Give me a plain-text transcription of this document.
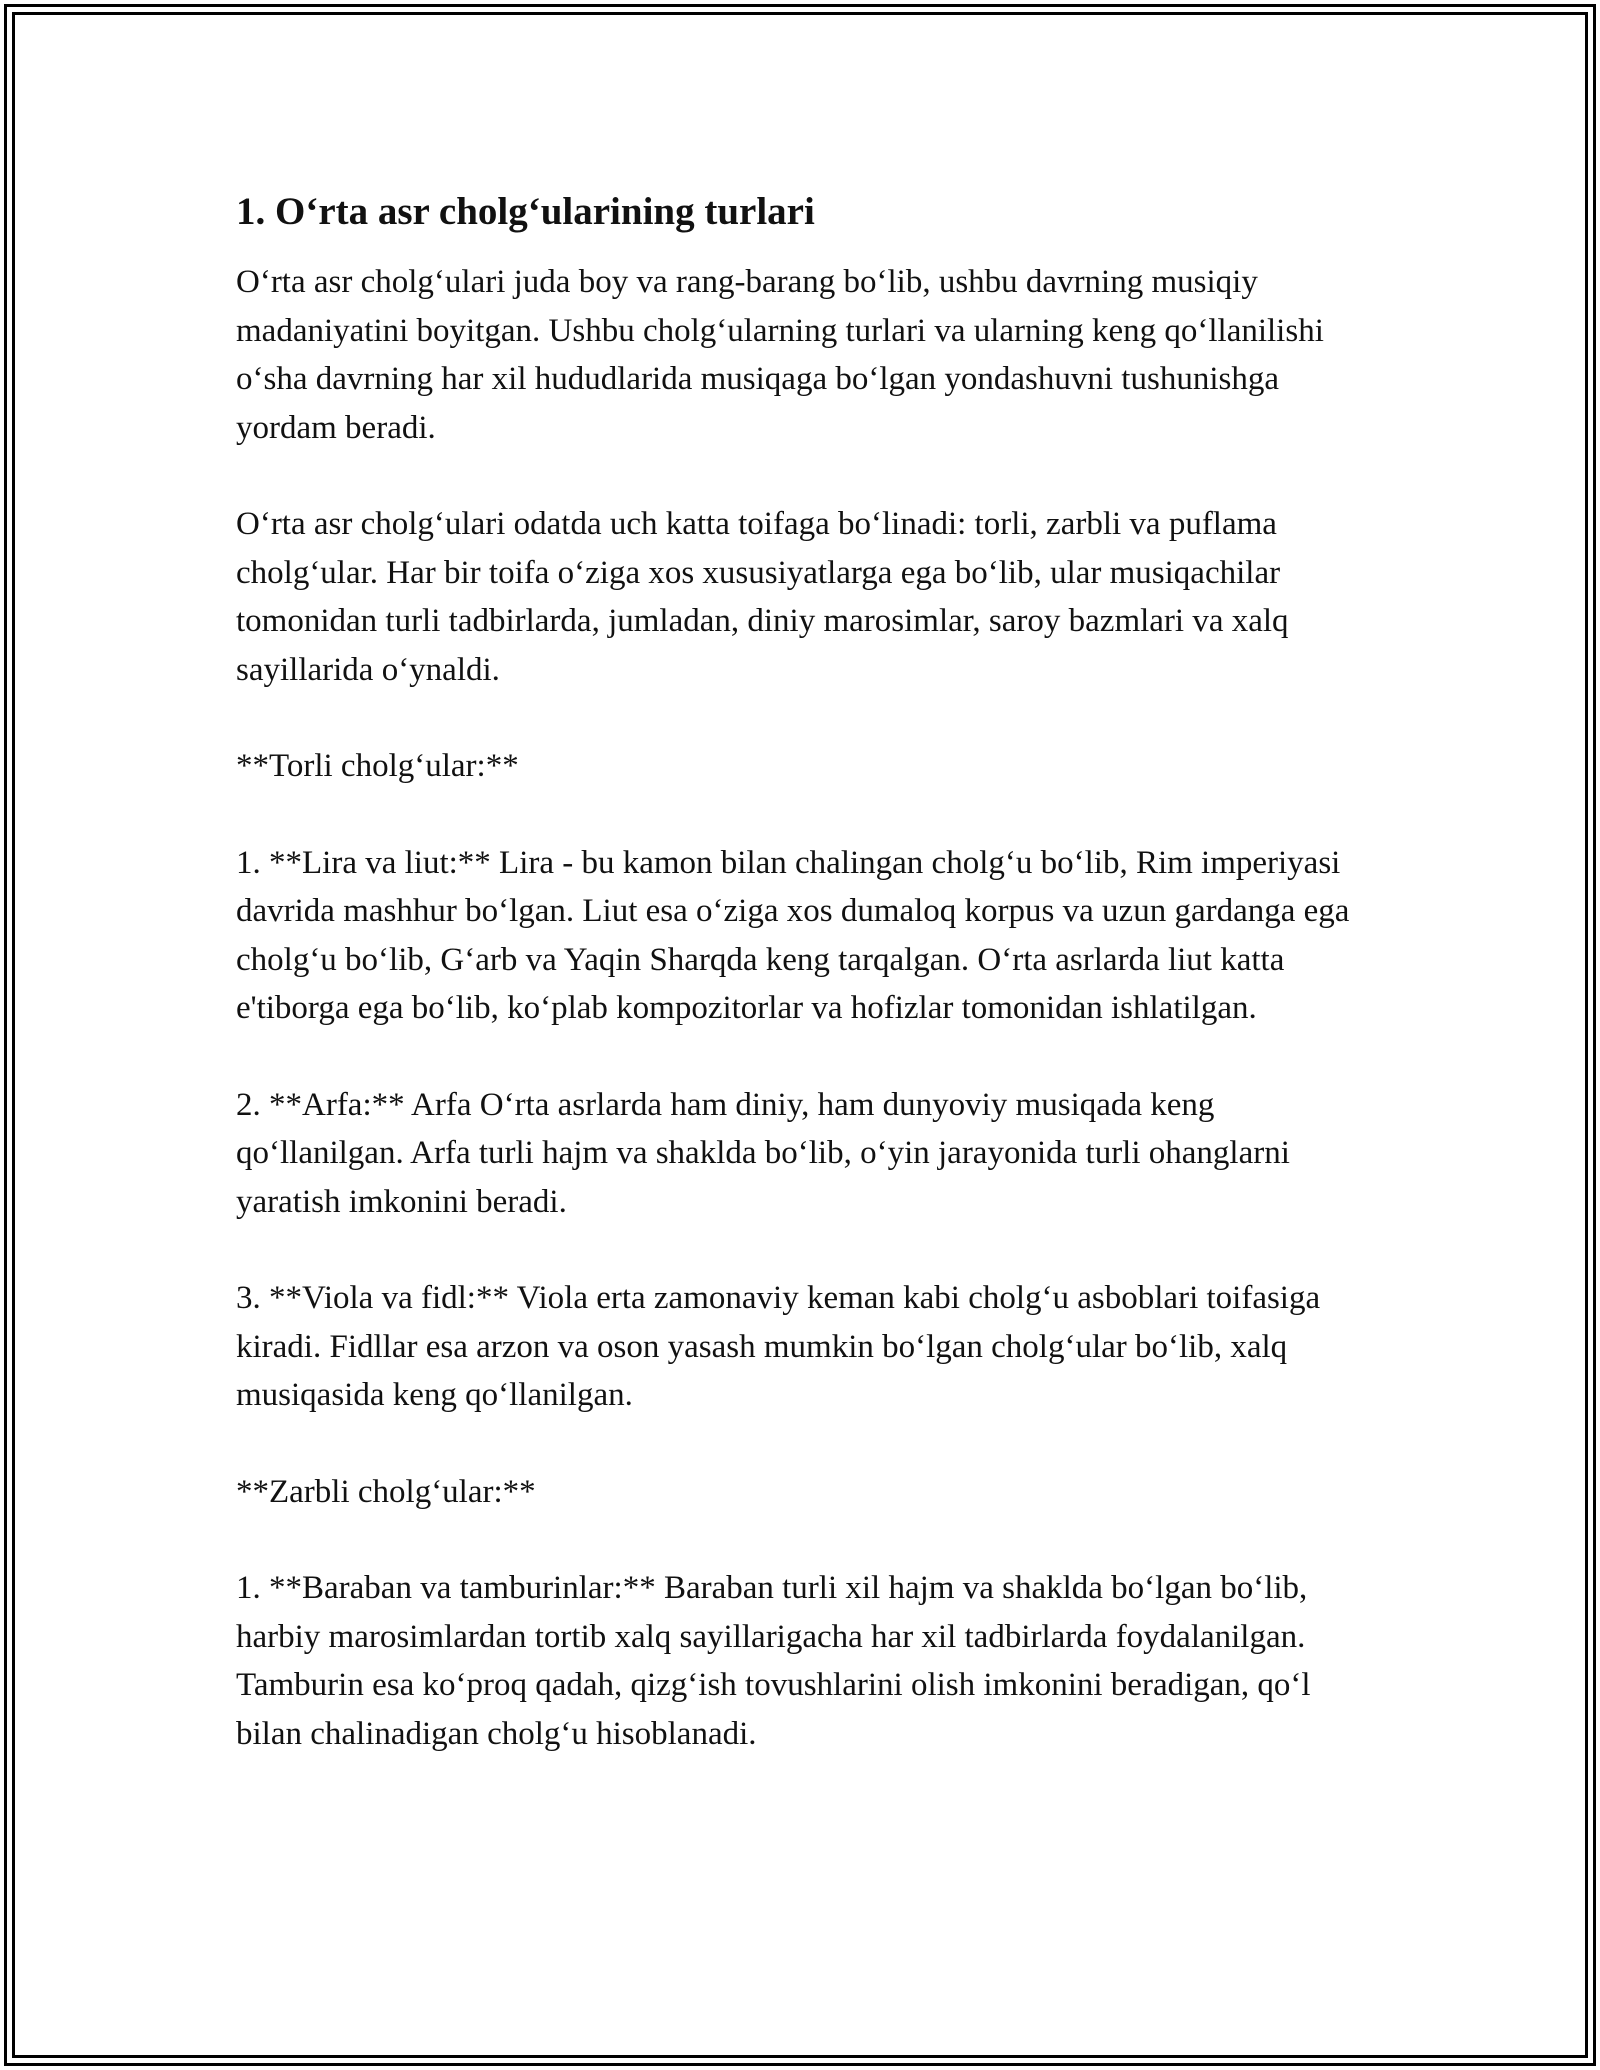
1. O‘rta asr cholg‘ularining turlari

O‘rta asr cholg‘ulari juda boy va rang-barang bo‘lib, ushbu davrning musiqiy madaniyatini boyitgan. Ushbu cholg‘ularning turlari va ularning keng qo‘llanilishi o‘sha davrning har xil hududlarida musiqaga bo‘lgan yondashuvni tushunishga yordam beradi.

O‘rta asr cholg‘ulari odatda uch katta toifaga bo‘linadi: torli, zarbli va puflama cholg‘ular. Har bir toifa o‘ziga xos xususiyatlarga ega bo‘lib, ular musiqachilar tomonidan turli tadbirlarda, jumladan, diniy marosimlar, saroy bazmlari va xalq sayillarida o‘ynaldi.

**Torli cholg‘ular:**

1. **Lira va liut:** Lira - bu kamon bilan chalingan cholg‘u bo‘lib, Rim imperiyasi davrida mashhur bo‘lgan. Liut esa o‘ziga xos dumaloq korpus va uzun gardanga ega cholg‘u bo‘lib, G‘arb va Yaqin Sharqda keng tarqalgan. O‘rta asrlarda liut katta e'tiborga ega bo‘lib, ko‘plab kompozitorlar va hofizlar tomonidan ishlatilgan.

2. **Arfa:** Arfa O‘rta asrlarda ham diniy, ham dunyoviy musiqada keng qo‘llanilgan. Arfa turli hajm va shaklda bo‘lib, o‘yin jarayonida turli ohanglarni yaratish imkonini beradi.

3. **Viola va fidl:** Viola erta zamonaviy keman kabi cholg‘u asboblari toifasiga kiradi. Fidllar esa arzon va oson yasash mumkin bo‘lgan cholg‘ular bo‘lib, xalq musiqasida keng qo‘llanilgan.

**Zarbli cholg‘ular:**

1. **Baraban va tamburinlar:** Baraban turli xil hajm va shaklda bo‘lgan bo‘lib, harbiy marosimlardan tortib xalq sayillarigacha har xil tadbirlarda foydalanilgan. Tamburin esa ko‘proq qadah, qizg‘ish tovushlarini olish imkonini beradigan, qo‘l bilan chalinadigan cholg‘u hisoblanadi.
